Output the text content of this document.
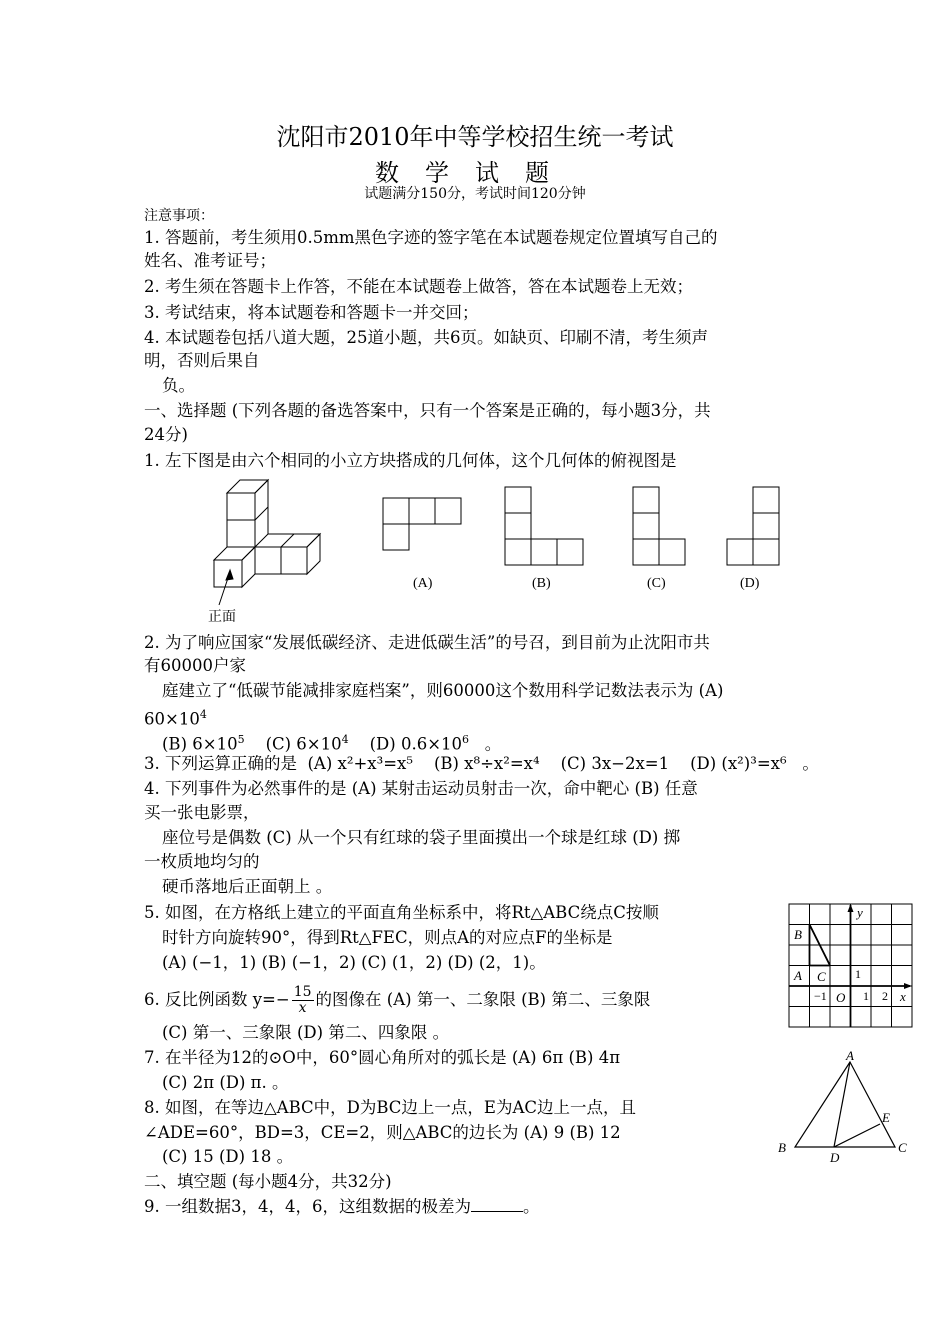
沈阳市2010年中等学校招生统一考试
数学试题
试题满分150分，考试时间120分钟
注意事项：
1. 答题前，考生须用0.5mm黑色字迹的签字笔在本试题卷规定位置填写自己的
姓名、准考证号；
2. 考生须在答题卡上作答，不能在本试题卷上做答，答在本试题卷上无效；
3. 考试结束，将本试题卷和答题卡一并交回；
4. 本试题卷包括八道大题，25道小题，共6页。如缺页、印刷不清，考生须声
明，否则后果自
负。
一、选择题 (下列各题的备选答案中，只有一个答案是正确的，每小题3分，共
24分)
1. 左下图是由六个相同的小立方块搭成的几何体，这个几何体的俯视图是
(A)	(B)	(C)	(D)
正面
2. 为了响应国家“发展低碳经济、走进低碳生活”的号召，到目前为止沈阳市共
有60000户家
庭建立了“低碳节能减排家庭档案”，则60000这个数用科学记数法表示为 (A)
$60\times 10^4$
(B) $6\times 10^5$ (C) $6\times 10^4$ (D) $0.6\times 10^6$ 。
3. 下列运算正确的是 (A) x²+x³=x⁵ (B) x⁸÷x²=x⁴ (C) 3x−2x=1 (D) (x²)³=x⁶ 。
4. 下列事件为必然事件的是 (A) 某射击运动员射击一次，命中靶心 (B) 任意
买一张电影票，
座位号是偶数 (C) 从一个只有红球的袋子里面摸出一个球是红球 (D) 掷
一枚质地均匀的
硬币落地后正面朝上 。
5. 如图，在方格纸上建立的平面直角坐标系中，将Rt△ABC绕点C按顺
时针方向旋转90°，得到Rt△FEC，则点A的对应点F的坐标是
(A) (−1，1) (B) (−1，2) (C) (1，2) (D) (2，1)。
y
x
O
B
A C 1
−1	1 2
6. 反比例函数 $y=- \frac{15}{x}$ 的图像在 (A) 第一、二象限 (B) 第二、三象限
(C) 第一、三象限 (D) 第二、四象限 。
7. 在半径为12的⊙O中，60°圆心角所对的弧长是 (A) 6π (B) 4π
(C) 2π (D) π. 。
8. 如图，在等边△ABC中，D为BC边上一点，E为AC边上一点，且
∠ADE=60°，BD=3，CE=2，则△ABC的边长为 (A) 9 (B) 12
(C) 15 (D) 18 。
A
B	C
D
E
二、填空题 (每小题4分，共32分)
9. 一组数据3，4，4，6，这组数据的极差为	。
